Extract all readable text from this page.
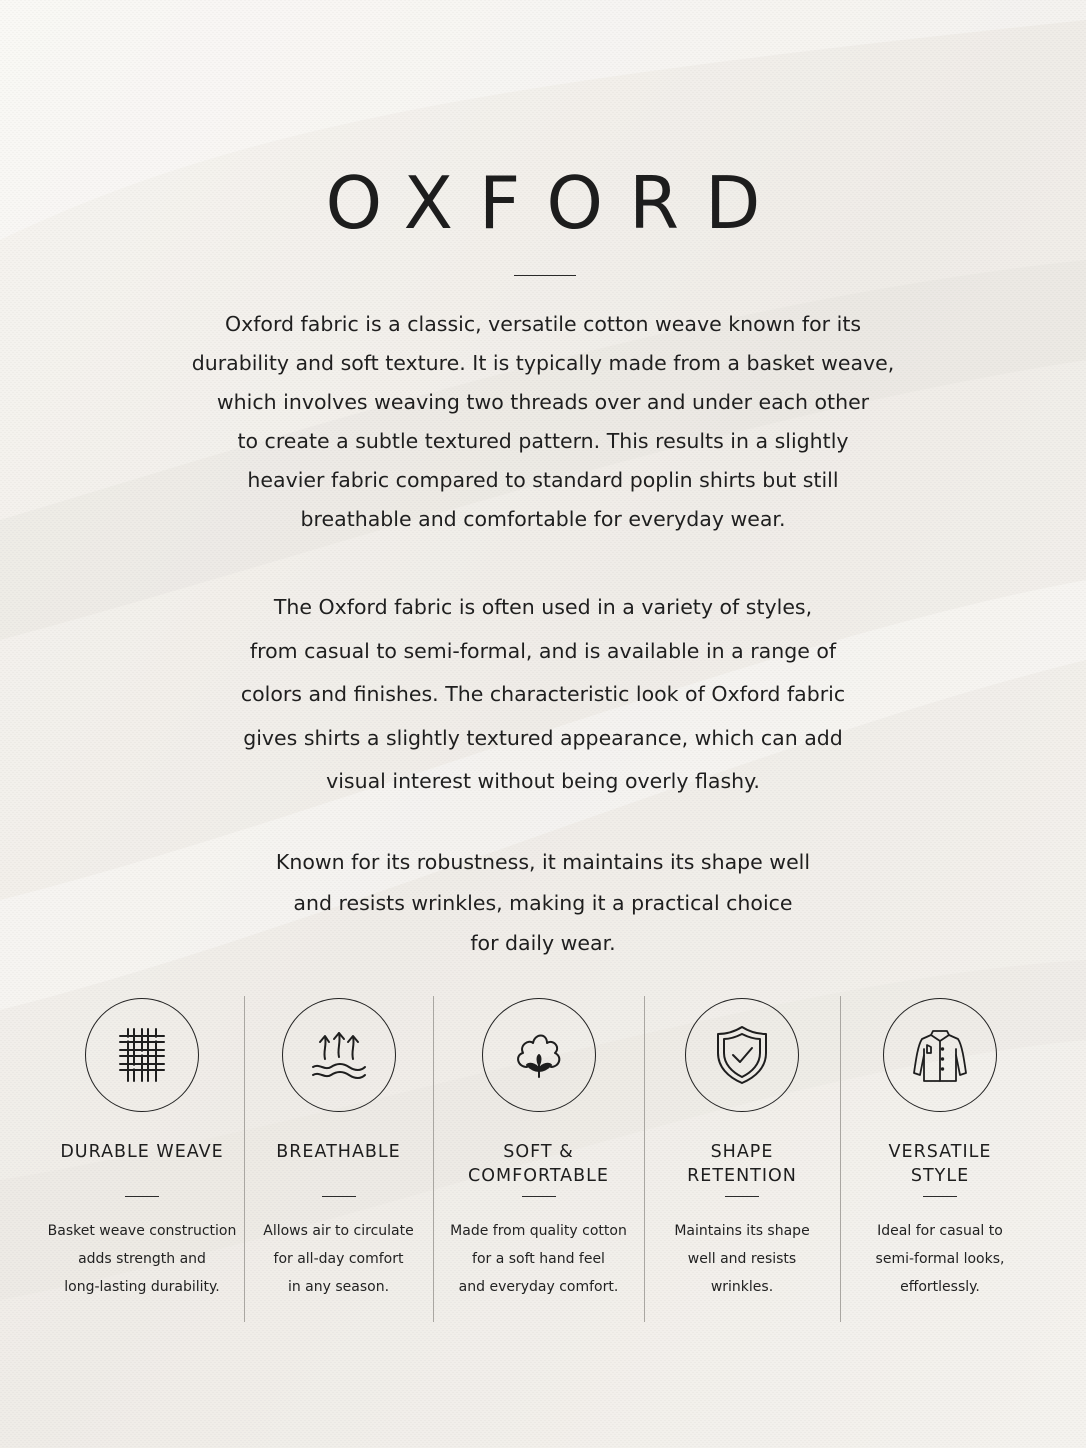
OXFORD

Oxford fabric is a classic, versatile cotton weave known for its
durability and soft texture. It is typically made from a basket weave,
which involves weaving two threads over and under each other
to create a subtle textured pattern. This results in a slightly
heavier fabric compared to standard poplin shirts but still
breathable and comfortable for everyday wear.

The Oxford fabric is often used in a variety of styles,
from casual to semi-formal, and is available in a range of
colors and finishes. The characteristic look of Oxford fabric
gives shirts a slightly textured appearance, which can add
visual interest without being overly flashy.

Known for its robustness, it maintains its shape well
and resists wrinkles, making it a practical choice
for daily wear.

DURABLE WEAVE
Basket weave construction
adds strength and
long-lasting durability.
BREATHABLE
Allows air to circulate
for all-day comfort
in any season.
SOFT &
COMFORTABLE
Made from quality cotton
for a soft hand feel
and everyday comfort.
SHAPE
RETENTION
Maintains its shape
well and resists
wrinkles.
VERSATILE
STYLE
Ideal for casual to
semi-formal looks,
effortlessly.
